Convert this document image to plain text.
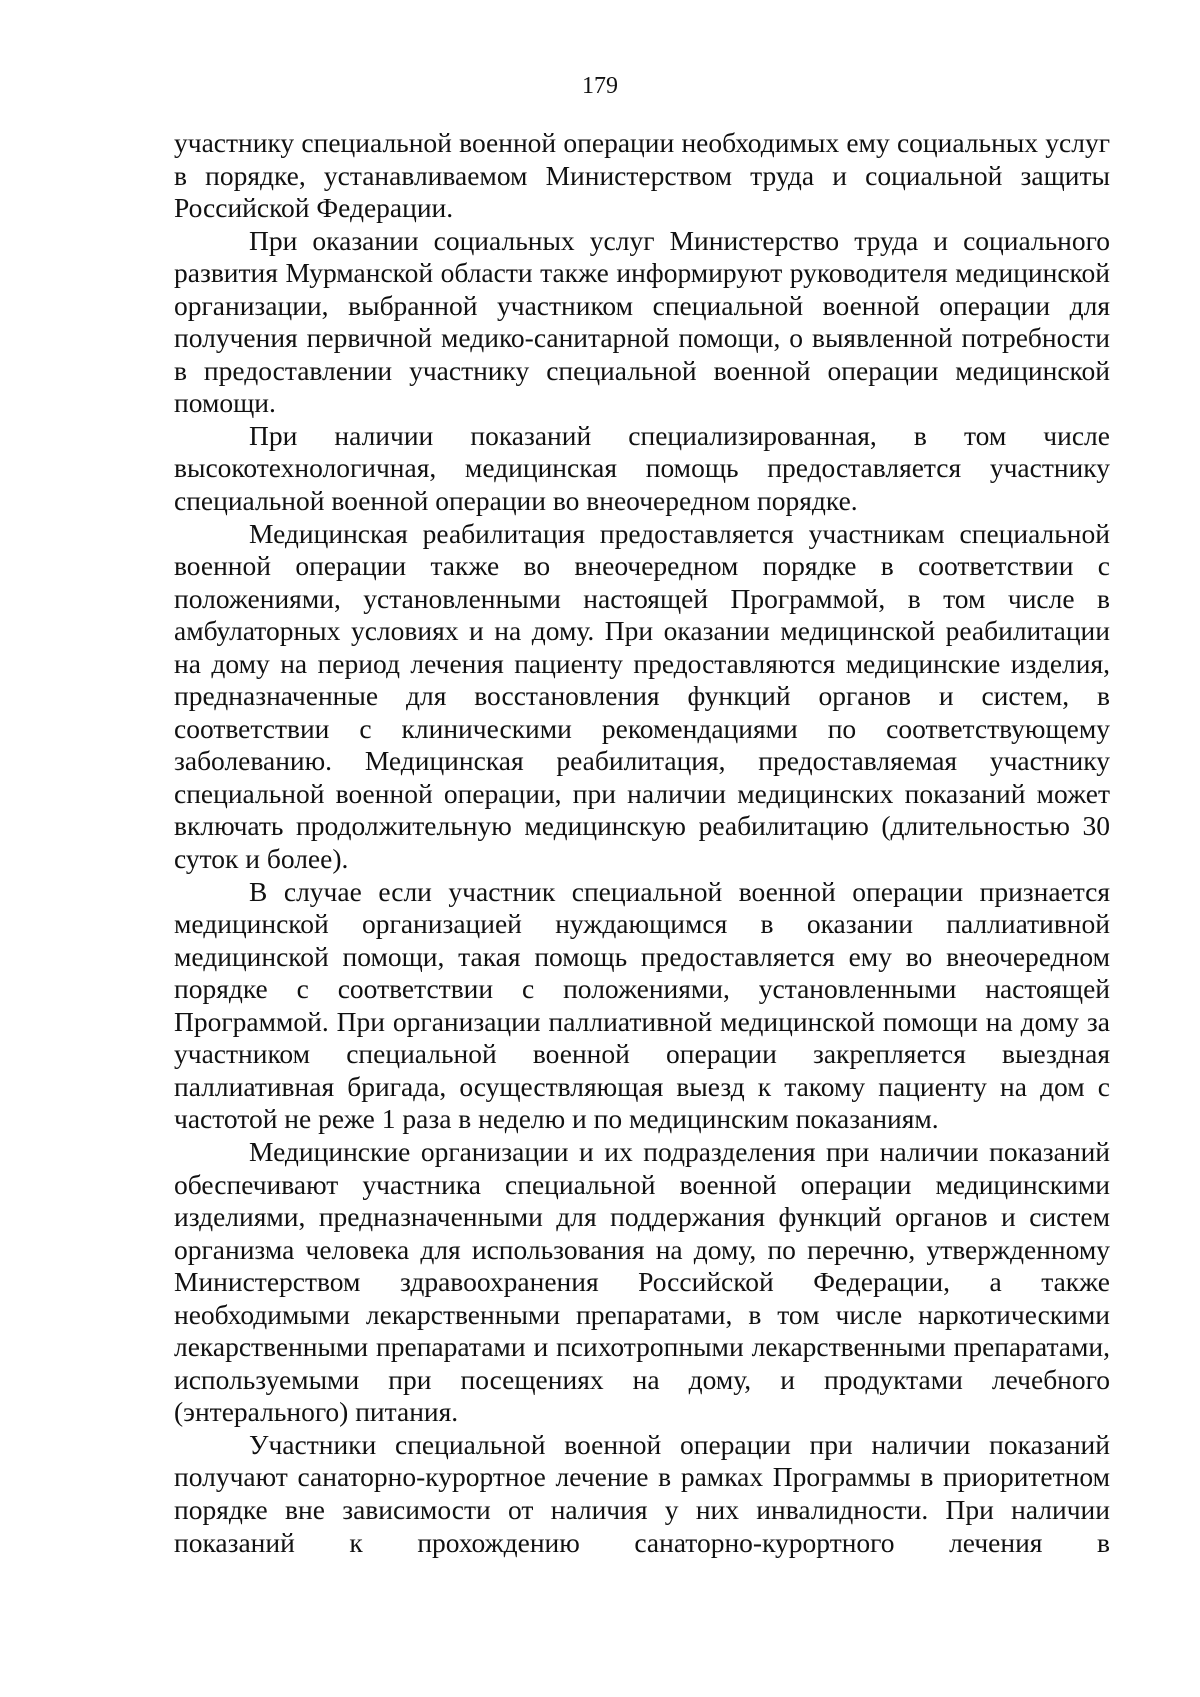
179

участнику специальной военной операции необходимых ему социальных услуг в порядке, устанавливаемом Министерством труда и социальной защиты Российской Федерации.

При оказании социальных услуг Министерство труда и социального развития Мурманской области также информируют руководителя медицинской организации, выбранной участником специальной военной операции для получения первичной медико-санитарной помощи, о выявленной потребности в предоставлении участнику специальной военной операции медицинской помощи.

При наличии показаний специализированная, в том числе высокотехнологичная, медицинская помощь предоставляется участнику специальной военной операции во внеочередном порядке.

Медицинская реабилитация предоставляется участникам специальной военной операции также во внеочередном порядке в соответствии с положениями, установленными настоящей Программой, в том числе в амбулаторных условиях и на дому. При оказании медицинской реабилитации на дому на период лечения пациенту предоставляются медицинские изделия, предназначенные для восстановления функций органов и систем, в соответствии с клиническими рекомендациями по соответствующему заболеванию. Медицинская реабилитация, предоставляемая участнику специальной военной операции, при наличии медицинских показаний может включать продолжительную медицинскую реабилитацию (длительностью 30 суток и более).

В случае если участник специальной военной операции признается медицинской организацией нуждающимся в оказании паллиативной медицинской помощи, такая помощь предоставляется ему во внеочередном порядке с соответствии с положениями, установленными настоящей Программой. При организации паллиативной медицинской помощи на дому за участником специальной военной операции закрепляется выездная паллиативная бригада, осуществляющая выезд к такому пациенту на дом с частотой не реже 1 раза в неделю и по медицинским показаниям.

Медицинские организации и их подразделения при наличии показаний обеспечивают участника специальной военной операции медицинскими изделиями, предназначенными для поддержания функций органов и систем организма человека для использования на дому, по перечню, утвержденному Министерством здравоохранения Российской Федерации, а также необходимыми лекарственными препаратами, в том числе наркотическими лекарственными препаратами и психотропными лекарственными препаратами, используемыми при посещениях на дому, и продуктами лечебного (энтерального) питания.

Участники специальной военной операции при наличии показаний получают санаторно-курортное лечение в рамках Программы в приоритетном порядке вне зависимости от наличия у них инвалидности. При наличии показаний к прохождению санаторно-курортного лечения в
